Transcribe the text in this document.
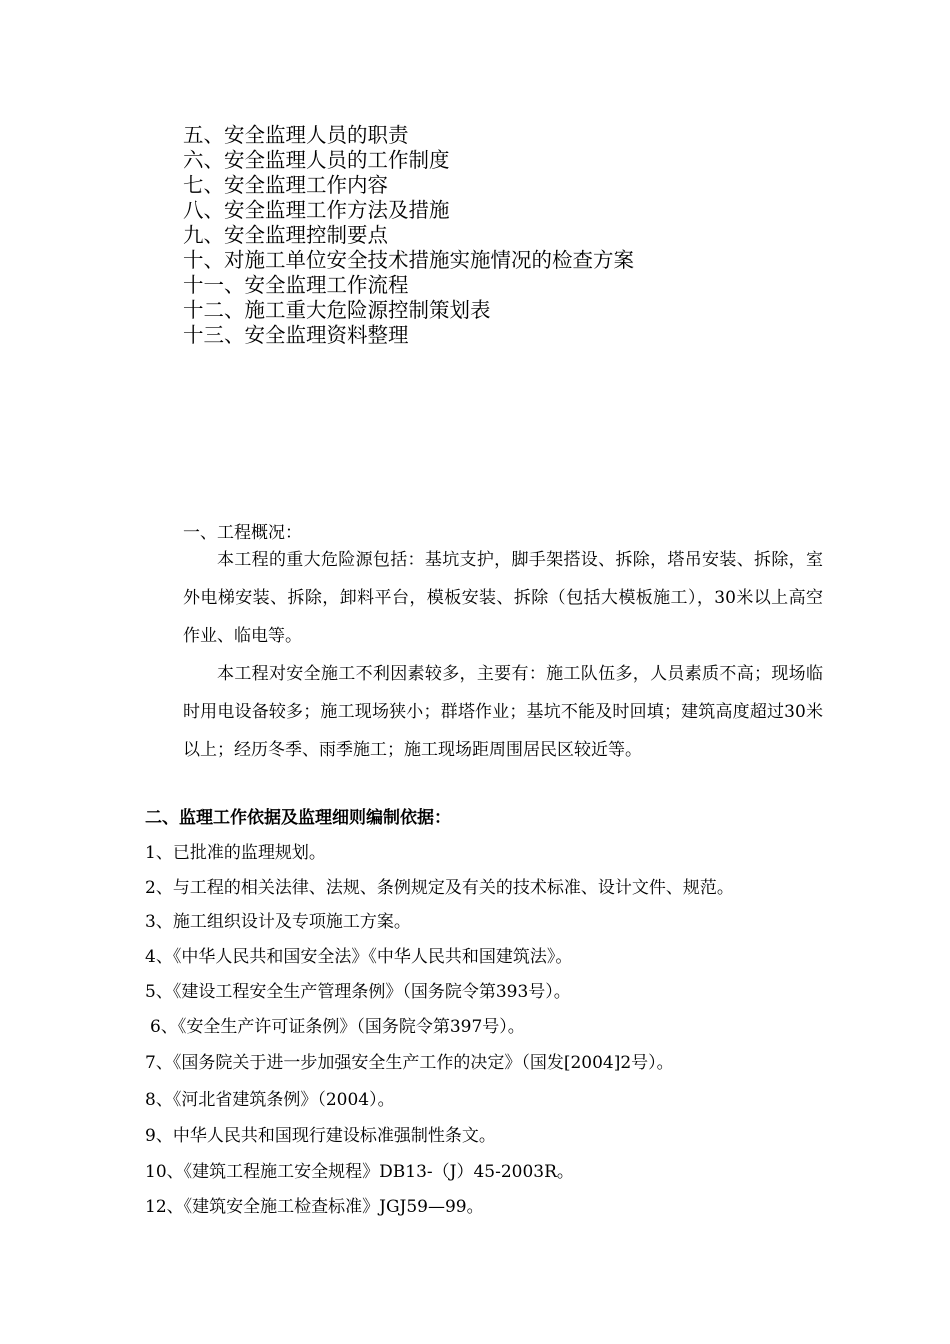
五、安全监理人员的职责
六、安全监理人员的工作制度
七、安全监理工作内容
八、安全监理工作方法及措施
九、安全监理控制要点
十、对施工单位安全技术措施实施情况的检查方案
十一、安全监理工作流程
十二、施工重大危险源控制策划表
十三、安全监理资料整理
一、工程概况：

本工程的重大危险源包括：基坑支护，脚手架搭设、拆除，塔吊安装、拆除，室外电梯安装、拆除，卸料平台，模板安装、拆除（包括大模板施工），30米以上高空作业、临电等。

本工程对安全施工不利因素较多，主要有：施工队伍多，人员素质不高；现场临时用电设备较多；施工现场狭小；群塔作业；基坑不能及时回填；建筑高度超过30米以上；经历冬季、雨季施工；施工现场距周围居民区较近等。

二、监理工作依据及监理细则编制依据：
1、已批准的监理规划。
2、与工程的相关法律、法规、条例规定及有关的技术标准、设计文件、规范。
3、施工组织设计及专项施工方案。
4、《中华人民共和国安全法》《中华人民共和国建筑法》。
5、《建设工程安全生产管理条例》（国务院令第393号）。
6、《安全生产许可证条例》（国务院令第397号）。
7、《国务院关于进一步加强安全生产工作的决定》（国发[2004]2号）。
8、《河北省建筑条例》（2004）。
9、中华人民共和国现行建设标准强制性条文。
10、《建筑工程施工安全规程》DB13-（J）45-2003R。
12、《建筑安全施工检查标准》JGJ59—99。
